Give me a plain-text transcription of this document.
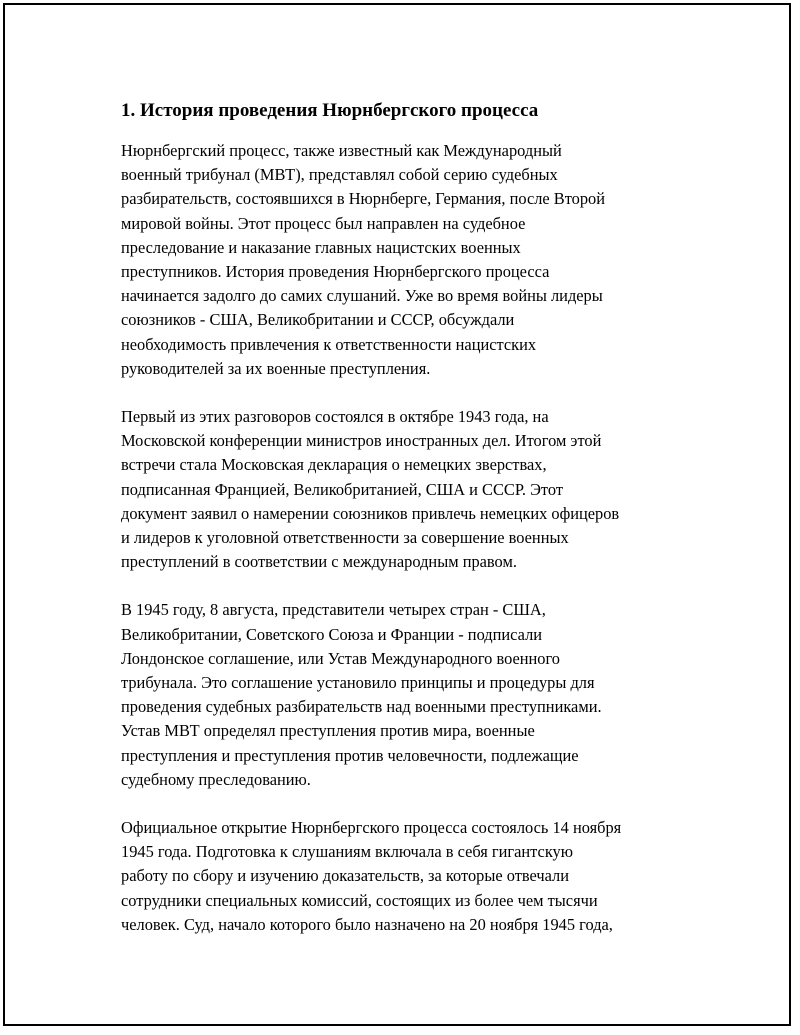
1. История проведения Нюрнбергского процесса

Нюрнбергский процесс, также известный как Международный
военный трибунал (МВТ), представлял собой серию судебных
разбирательств, состоявшихся в Нюрнберге, Германия, после Второй
мировой войны. Этот процесс был направлен на судебное
преследование и наказание главных нацистских военных
преступников. История проведения Нюрнбергского процесса
начинается задолго до самих слушаний. Уже во время войны лидеры
союзников - США, Великобритании и СССР, обсуждали
необходимость привлечения к ответственности нацистских
руководителей за их военные преступления.

Первый из этих разговоров состоялся в октябре 1943 года, на
Московской конференции министров иностранных дел. Итогом этой
встречи стала Московская декларация о немецких зверствах,
подписанная Францией, Великобританией, США и СССР. Этот
документ заявил о намерении союзников привлечь немецких офицеров
и лидеров к уголовной ответственности за совершение военных
преступлений в соответствии с международным правом.

В 1945 году, 8 августа, представители четырех стран - США,
Великобритании, Советского Союза и Франции - подписали
Лондонское соглашение, или Устав Международного военного
трибунала. Это соглашение установило принципы и процедуры для
проведения судебных разбирательств над военными преступниками.
Устав МВТ определял преступления против мира, военные
преступления и преступления против человечности, подлежащие
судебному преследованию.

Официальное открытие Нюрнбергского процесса состоялось 14 ноября
1945 года. Подготовка к слушаниям включала в себя гигантскую
работу по сбору и изучению доказательств, за которые отвечали
сотрудники специальных комиссий, состоящих из более чем тысячи
человек. Суд, начало которого было назначено на 20 ноября 1945 года,
